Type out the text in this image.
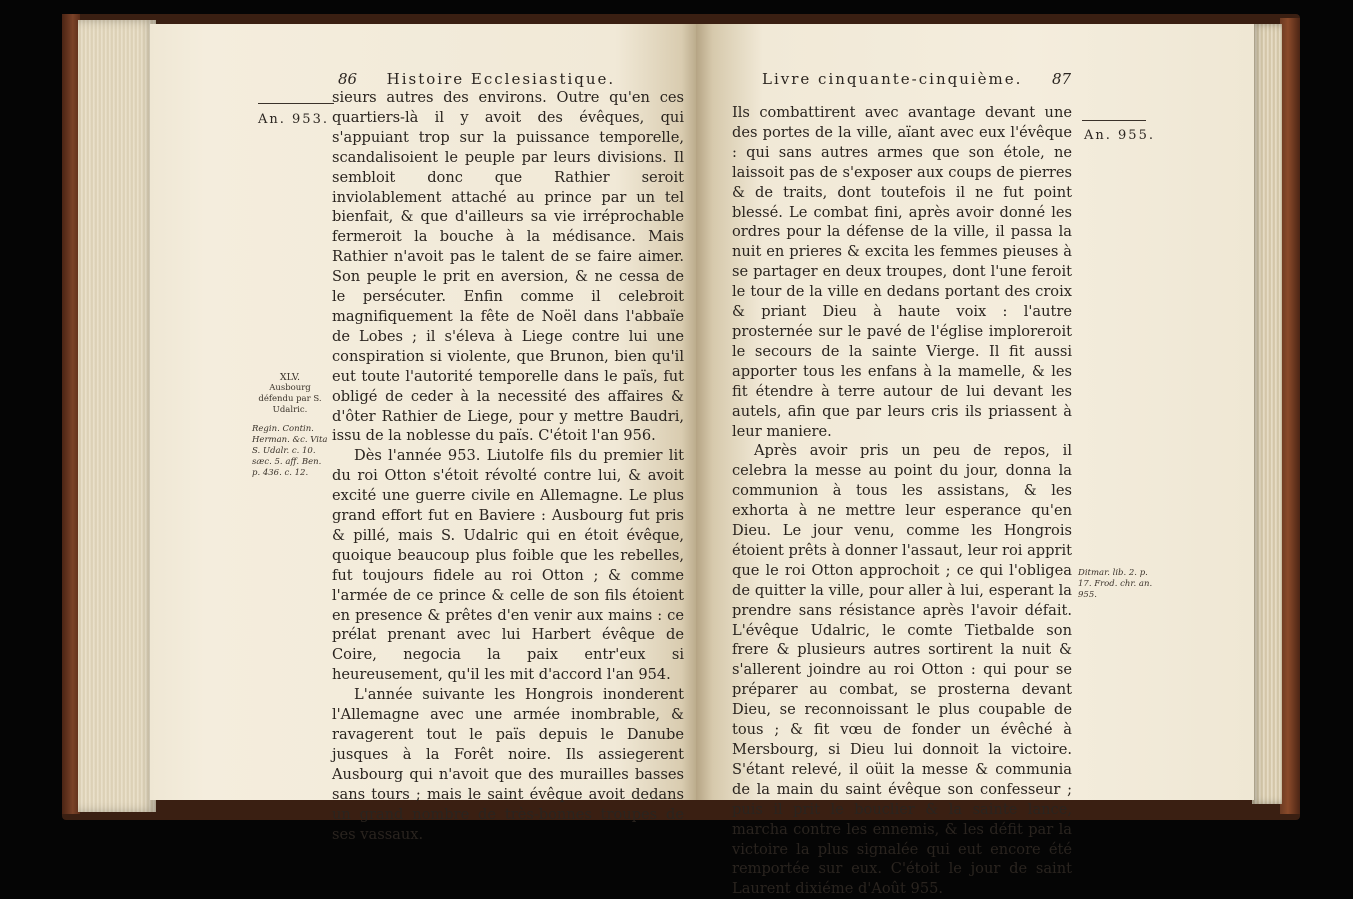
An. 953.
86 Histoire Ecclesiastique.

sieurs autres des environs. Outre qu'en ces quartiers-là il y avoit des évêques, qui s'appuiant trop sur la puissance temporelle, scandalisoient le peuple par leurs divisions. Il sembloit donc que Rathier seroit inviolablement attaché au prince par un tel bienfait, & que d'ailleurs sa vie irréprochable fermeroit la bouche à la médisance. Mais Rathier n'avoit pas le talent de se faire aimer. Son peuple le prit en aversion, & ne cessa de le persécuter. Enfin comme il celebroit magnifiquement la fête de Noël dans l'abbaïe de Lobes ; il s'éleva à Liege contre lui une conspiration si violente, que Brunon, bien qu'il eut toute l'autorité temporelle dans le païs, fut obligé de ceder à la necessité des affaires & d'ôter Rathier de Liege, pour y mettre Baudri, issu de la noblesse du païs. C'étoit l'an 956.

Dès l'année 953. Liutolfe fils du premier lit du roi Otton s'étoit révolté contre lui, & avoit excité une guerre civile en Allemagne. Le plus grand effort fut en Baviere : Ausbourg fut pris & pillé, mais S. Udalric qui en étoit évêque, quoique beaucoup plus foible que les rebelles, fut toujours fidele au roi Otton ; & comme l'armée de ce prince & celle de son fils étoient en presence & prêtes d'en venir aux mains : ce prélat prenant avec lui Harbert évêque de Coire, negocia la paix entr'eux si heureusement, qu'il les mit d'accord l'an 954.

L'année suivante les Hongrois inonderent l'Allemagne avec une armée inombrable, & ravagerent tout le païs depuis le Danube jusques à la Forêt noire. Ils assiegerent Ausbourg qui n'avoit que des murailles basses sans tours ; mais le saint évêque avoit dedans un grand nombre de très-bonnes troupes de ses vassaux.

XLV.
Ausbourg défendu par S. Udalric.
Regin. Contin. Herman. &c. Vita S. Udalr. c. 10. sæc. 5. aff. Ben. p. 436. c. 12.
Livre cinquante-cinquième. 87
An. 955.

Ils combattirent avec avantage devant une des portes de la ville, aïant avec eux l'évêque : qui sans autres armes que son étole, ne laissoit pas de s'exposer aux coups de pierres & de traits, dont toutefois il ne fut point blessé. Le combat fini, après avoir donné les ordres pour la défense de la ville, il passa la nuit en prieres & excita les femmes pieuses à se partager en deux troupes, dont l'une feroit le tour de la ville en dedans portant des croix & priant Dieu à haute voix : l'autre prosternée sur le pavé de l'église imploreroit le secours de la sainte Vierge. Il fit aussi apporter tous les enfans à la mamelle, & les fit étendre à terre autour de lui devant les autels, afin que par leurs cris ils priassent à leur maniere.

Après avoir pris un peu de repos, il celebra la messe au point du jour, donna la communion à tous les assistans, & les exhorta à ne mettre leur esperance qu'en Dieu. Le jour venu, comme les Hongrois étoient prêts à donner l'assaut, leur roi apprit que le roi Otton approchoit ; ce qui l'obligea de quitter la ville, pour aller à lui, esperant la prendre sans résistance après l'avoir défait. L'évêque Udalric, le comte Tietbalde son frere & plusieurs autres sortirent la nuit & s'allerent joindre au roi Otton : qui pour se préparer au combat, se prosterna devant Dieu, se reconnoissant le plus coupable de tous ; & fit vœu de fonder un évêché à Mersbourg, si Dieu lui donnoit la victoire. S'étant relevé, il oüit la messe & communia de la main du saint évêque son confesseur ; puis il prit le bouclier & la sainte lance, marcha contre les ennemis, & les défit par la victoire la plus signalée qui eut encore été remportée sur eux. C'étoit le jour de saint Laurent dixiéme d'Août 955.

Ditmar. lib. 2. p. 17. Frod. chr. an. 955.
